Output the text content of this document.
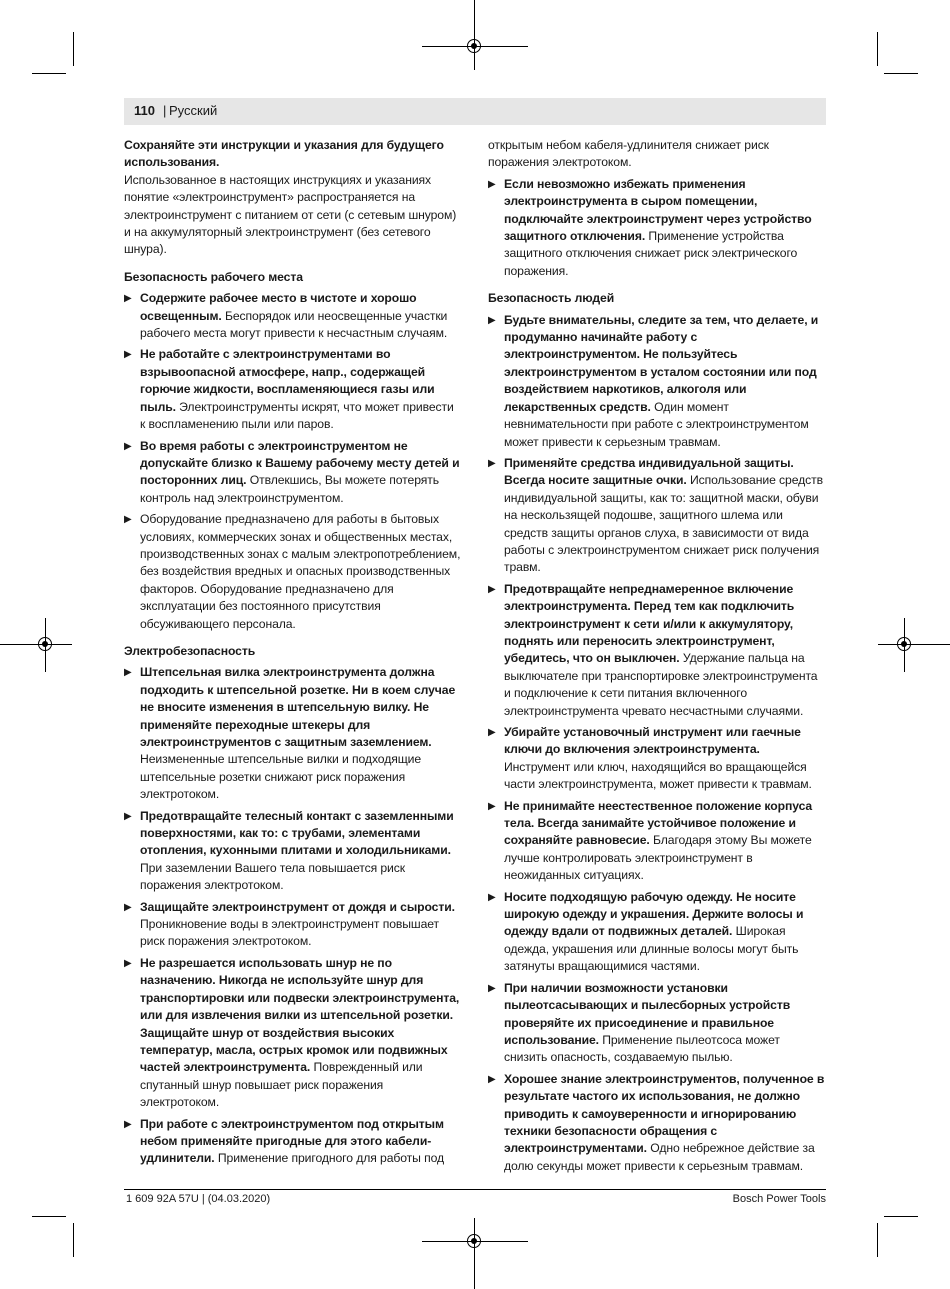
110 | Русский

Сохраняйте эти инструкции и указания для будущего использования.

Использованное в настоящих инструкциях и указаниях понятие «электроинструмент» распространяется на электроинструмент с питанием от сети (с сетевым шнуром) и на аккумуляторный электроинструмент (без сетевого шнура).

Безопасность рабочего места
▶ Содержите рабочее место в чистоте и хорошо освещенным. Беспорядок или неосвещенные участки рабочего места могут привести к несчастным случаям.
▶ Не работайте с электроинструментами во взрывоопасной атмосфере, напр., содержащей горючие жидкости, воспламеняющиеся газы или пыль. Электроинструменты искрят, что может привести к воспламенению пыли или паров.
▶ Во время работы с электроинструментом не допускайте близко к Вашему рабочему месту детей и посторонних лиц. Отвлекшись, Вы можете потерять контроль над электроинструментом.
▶ Оборудование предназначено для работы в бытовых условиях, коммерческих зонах и общественных местах, производственных зонах с малым электропотреблением, без воздействия вредных и опасных производственных факторов. Оборудование предназначено для эксплуатации без постоянного присутствия обсуживающего персонала.
Электробезопасность
▶ Штепсельная вилка электроинструмента должна подходить к штепсельной розетке. Ни в коем случае не вносите изменения в штепсельную вилку. Не применяйте переходные штекеры для электроинструментов с защитным заземлением. Неизмененные штепсельные вилки и подходящие штепсельные розетки снижают риск поражения электротоком.
▶ Предотвращайте телесный контакт с заземленными поверхностями, как то: с трубами, элементами отопления, кухонными плитами и холодильниками. При заземлении Вашего тела повышается риск поражения электротоком.
▶ Защищайте электроинструмент от дождя и сырости. Проникновение воды в электроинструмент повышает риск поражения электротоком.
▶ Не разрешается использовать шнур не по назначению. Никогда не используйте шнур для транспортировки или подвески электроинструмента, или для извлечения вилки из штепсельной розетки. Защищайте шнур от воздействия высоких температур, масла, острых кромок или подвижных частей электроинструмента. Поврежденный или спутанный шнур повышает риск поражения электротоком.
▶ При работе с электроинструментом под открытым небом применяйте пригодные для этого кабели-удлинители. Применение пригодного для работы под

открытым небом кабеля-удлинителя снижает риск поражения электротоком.

▶ Если невозможно избежать применения электроинструмента в сыром помещении, подключайте электроинструмент через устройство защитного отключения. Применение устройства защитного отключения снижает риск электрического поражения.
Безопасность людей
▶ Будьте внимательны, следите за тем, что делаете, и продуманно начинайте работу с электроинструментом. Не пользуйтесь электроинструментом в усталом состоянии или под воздействием наркотиков, алкоголя или лекарственных средств. Один момент невнимательности при работе с электроинструментом может привести к серьезным травмам.
▶ Применяйте средства индивидуальной защиты. Всегда носите защитные очки. Использование средств индивидуальной защиты, как то: защитной маски, обуви на нескользящей подошве, защитного шлема или средств защиты органов слуха, в зависимости от вида работы с электроинструментом снижает риск получения травм.
▶ Предотвращайте непреднамеренное включение электроинструмента. Перед тем как подключить электроинструмент к сети и/или к аккумулятору, поднять или переносить электроинструмент, убедитесь, что он выключен. Удержание пальца на выключателе при транспортировке электроинструмента и подключение к сети питания включенного электроинструмента чревато несчастными случаями.
▶ Убирайте установочный инструмент или гаечные ключи до включения электроинструмента. Инструмент или ключ, находящийся во вращающейся части электроинструмента, может привести к травмам.
▶ Не принимайте неестественное положение корпуса тела. Всегда занимайте устойчивое положение и сохраняйте равновесие. Благодаря этому Вы можете лучше контролировать электроинструмент в неожиданных ситуациях.
▶ Носите подходящую рабочую одежду. Не носите широкую одежду и украшения. Держите волосы и одежду вдали от подвижных деталей. Широкая одежда, украшения или длинные волосы могут быть затянуты вращающимися частями.
▶ При наличии возможности установки пылеотсасывающих и пылесборных устройств проверяйте их присоединение и правильное использование. Применение пылеотсоса может снизить опасность, создаваемую пылью.
▶ Хорошее знание электроинструментов, полученное в результате частого их использования, не должно приводить к самоуверенности и игнорированию техники безопасности обращения с электроинструментами. Одно небрежное действие за долю секунды может привести к серьезным травмам.
1 609 92A 57U | (04.03.2020)	Bosch Power Tools
